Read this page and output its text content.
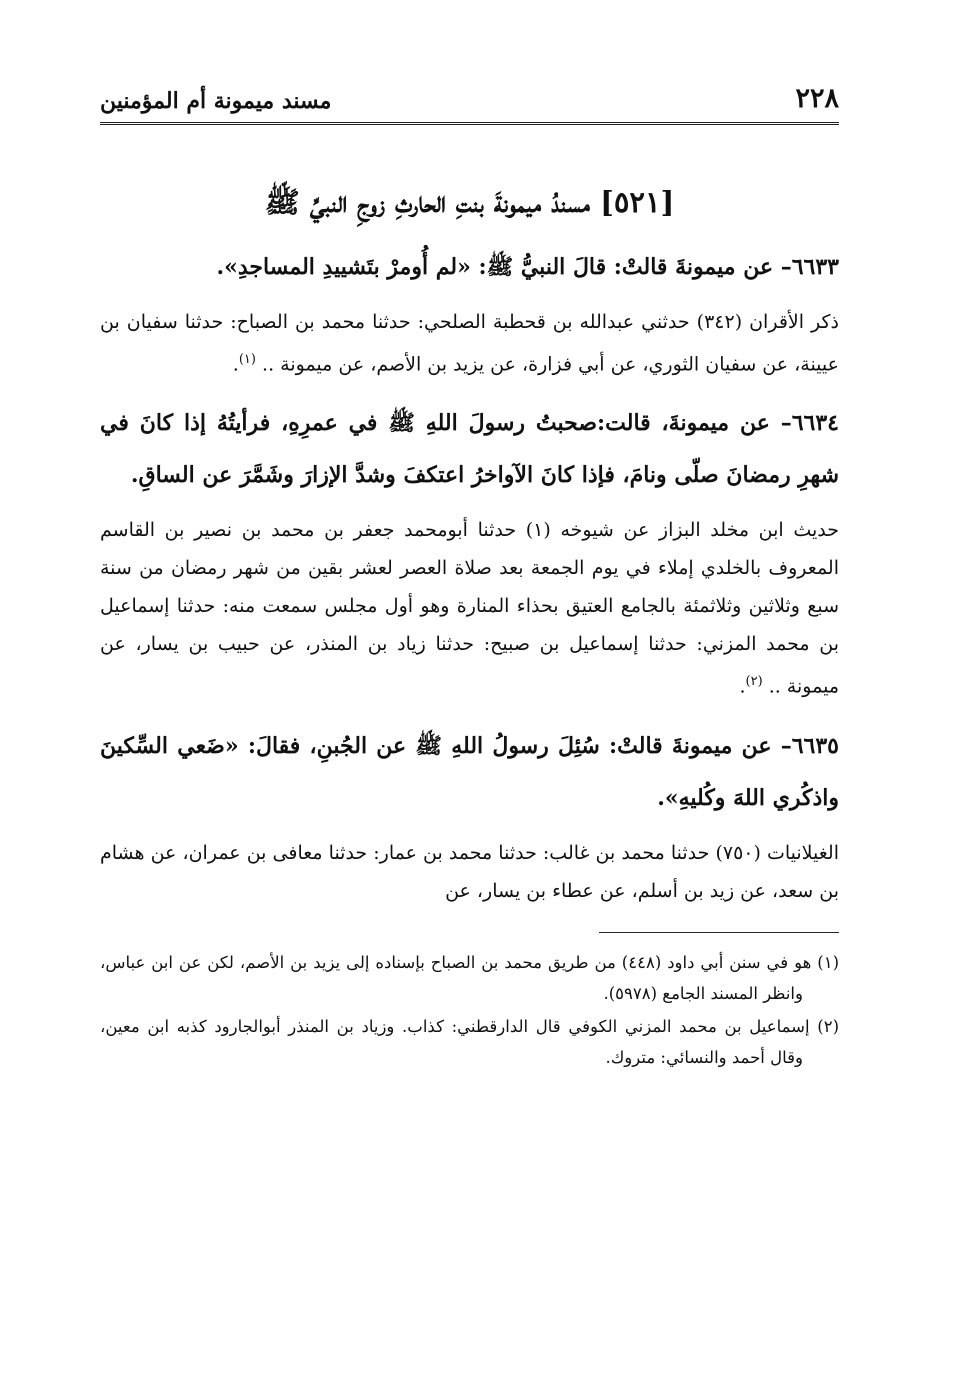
٢٢٨
مسند ميمونة أم المؤمنين
[٥٢١] مسندُ ميمونةَ بنتِ الحارثِ زوجِ النبيِّ ﷺ

٦٦٣٣– عن ميمونةَ قالتْ: قالَ النبيُّ ﷺ: «لم أُومرْ بتَشييدِ المساجدِ».

ذكر الأقران (٣٤٢) حدثني عبدالله بن قحطبة الصلحي: حدثنا محمد بن الصباح: حدثنا سفيان بن عيينة، عن سفيان الثوري، عن أبي فزارة، عن يزيد بن الأصم، عن ميمونة .. $^{(١)}$.

٦٦٣٤– عن ميمونةَ، قالت:صحبتُ رسولَ اللهِ ﷺ في عمرِهِ، فرأيتُهُ إذا كانَ في شهرِ رمضانَ صلّى ونامَ، فإذا كانَ الآواخرُ اعتكفَ وشدَّ الإزارَ وشَمَّرَ عن الساقِ.

حديث ابن مخلد البزاز عن شيوخه (١) حدثنا أبومحمد جعفر بن محمد بن نصير بن القاسم المعروف بالخلدي إملاء في يوم الجمعة بعد صلاة العصر لعشر بقين من شهر رمضان من سنة سبع وثلاثين وثلاثمئة بالجامع العتيق بحذاء المنارة وهو أول مجلس سمعت منه: حدثنا إسماعيل بن محمد المزني: حدثنا إسماعيل بن صبيح: حدثنا زياد بن المنذر، عن حبيب بن يسار، عن ميمونة .. $^{(٢)}$.

٦٦٣٥– عن ميمونةَ قالتْ: سُئِلَ رسولُ اللهِ ﷺ عن الجُبنِ، فقالَ: «ضَعي السِّكينَ واذكُري اللهَ وكُليهِ».

الغيلانيات (٧٥٠) حدثنا محمد بن غالب: حدثنا محمد بن عمار: حدثنا معافى بن عمران، عن هشام بن سعد، عن زيد بن أسلم، عن عطاء بن يسار، عن

(١) هو في سنن أبي داود (٤٤٨) من طريق محمد بن الصباح بإسناده إلى يزيد بن الأصم، لكن عن ابن عباس، وانظر المسند الجامع (٥٩٧٨).

(٢) إسماعيل بن محمد المزني الكوفي قال الدارقطني: كذاب. وزياد بن المنذر أبوالجارود كذبه ابن معين، وقال أحمد والنسائي: متروك.
